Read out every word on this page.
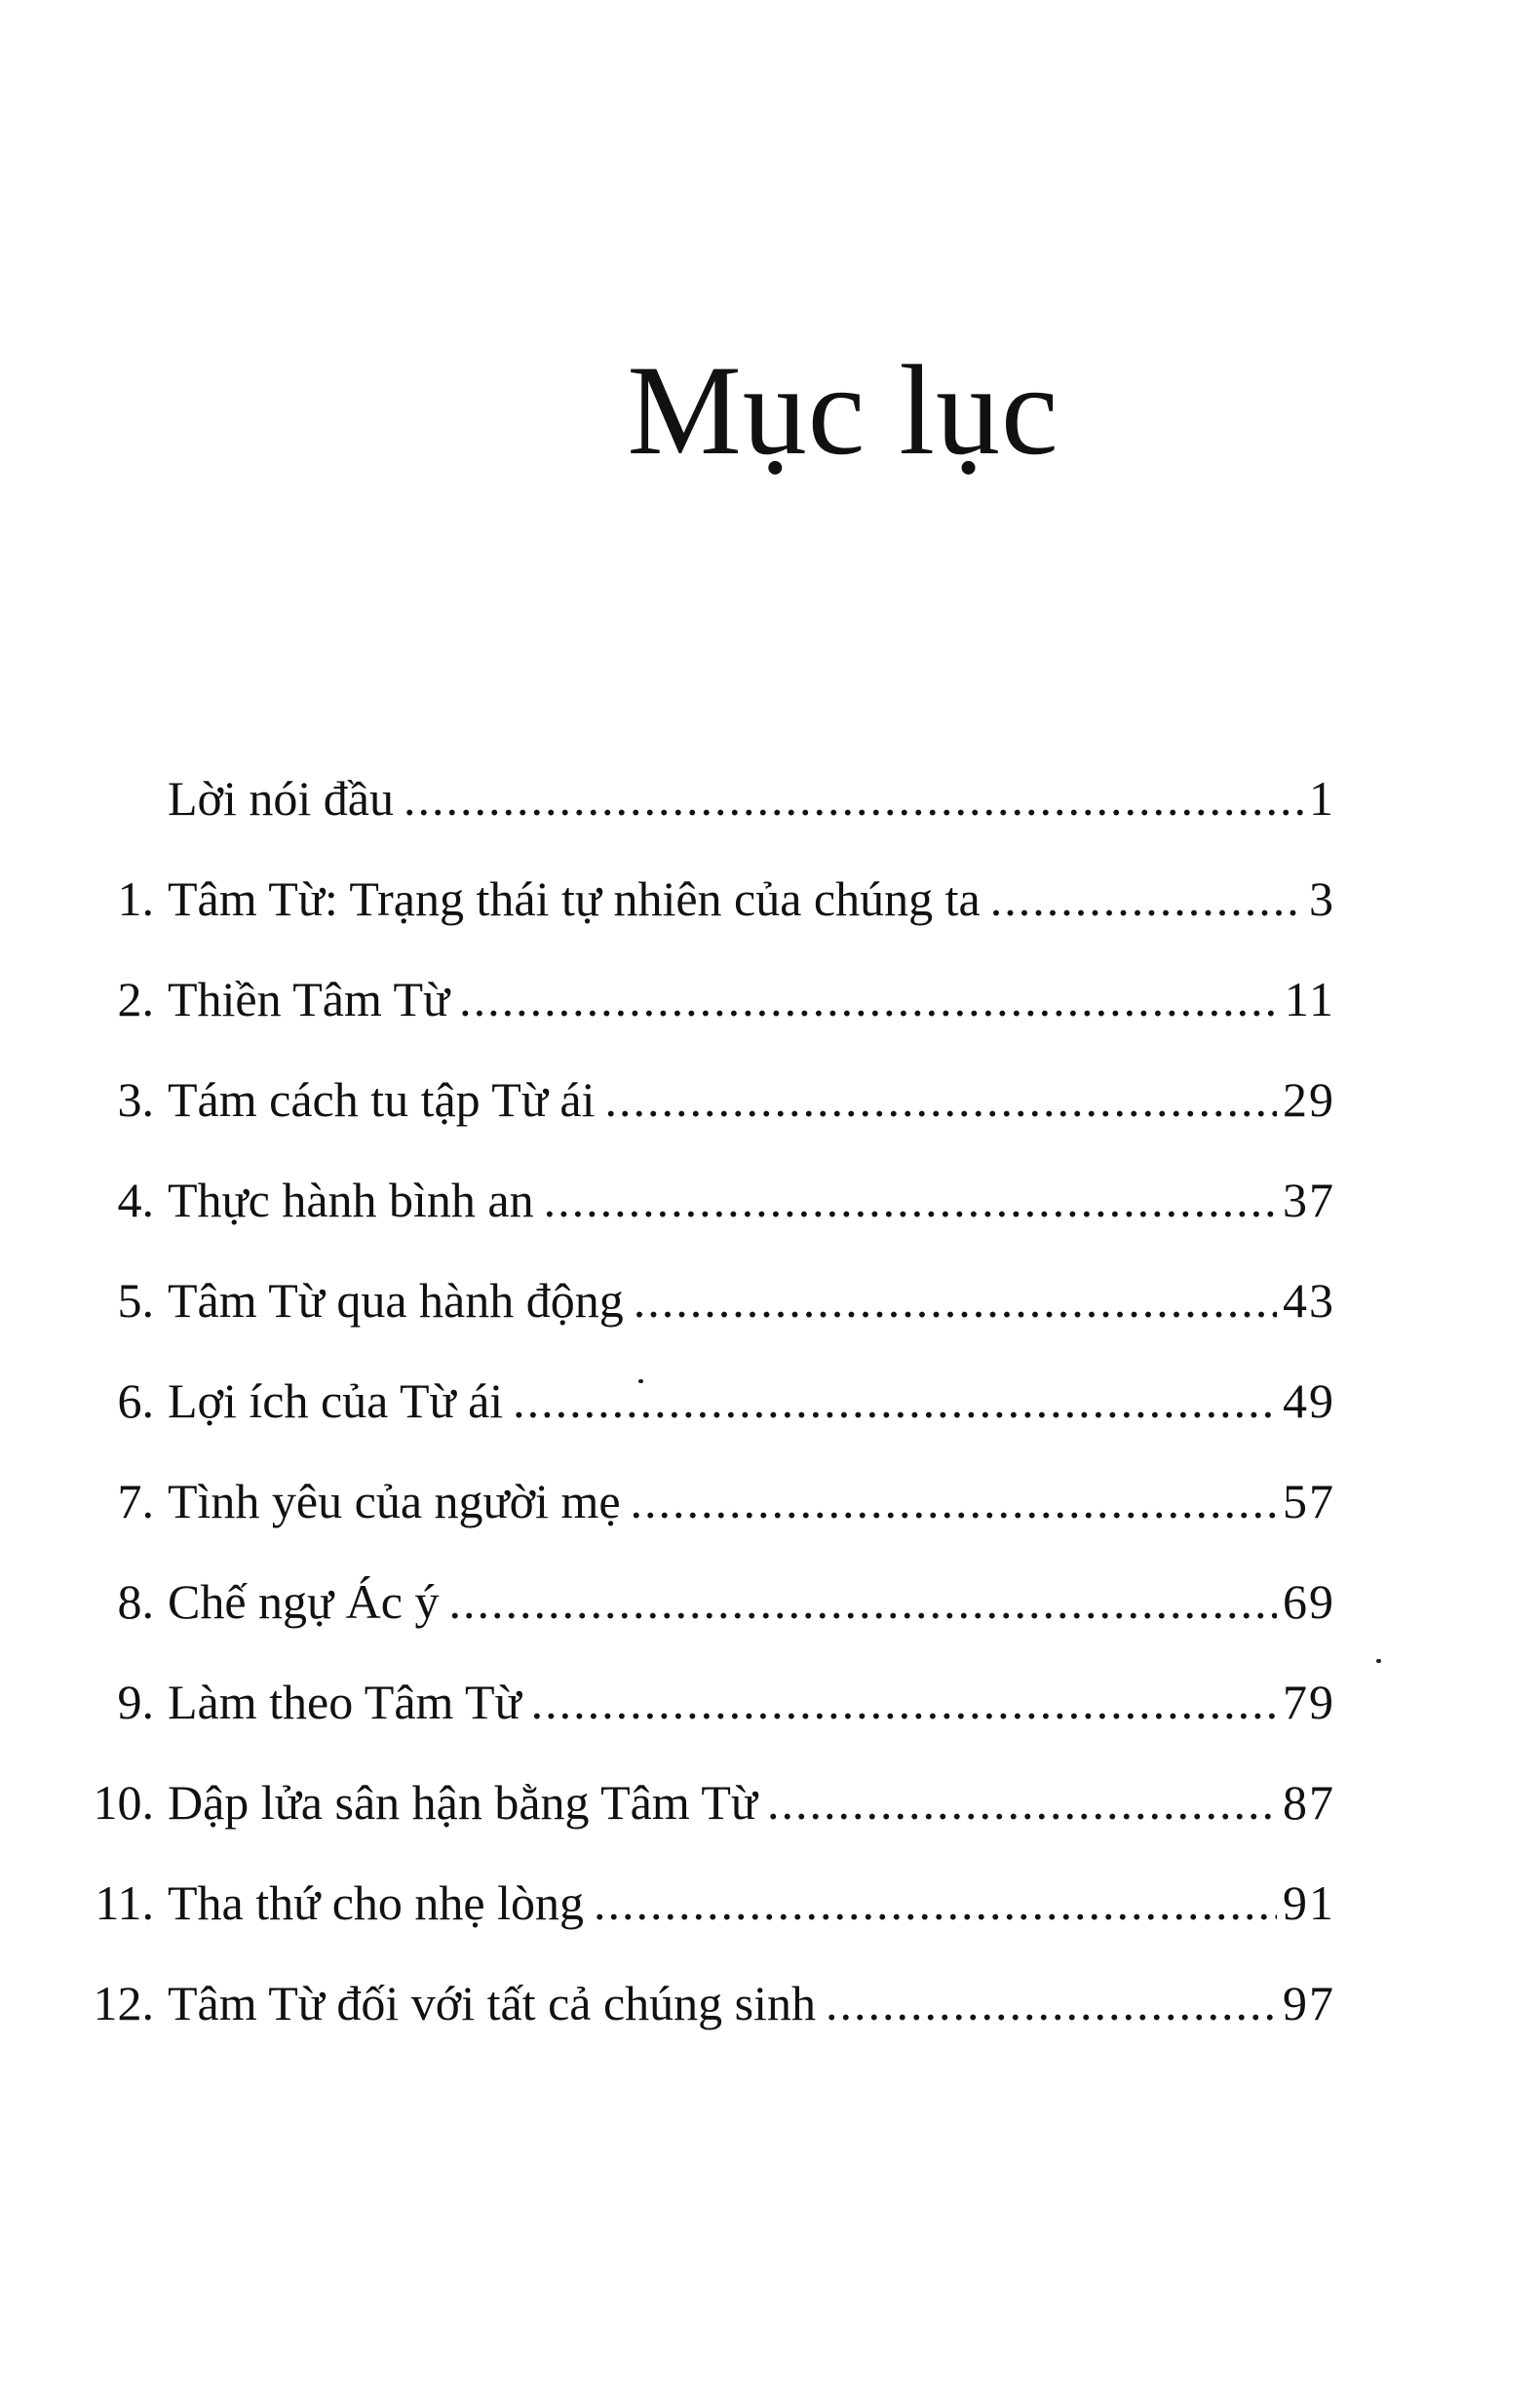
Mục lục
Lời nói đầu .....	1
1. Tâm Từ: Trạng thái tự nhiên của chúng ta .....	3
2. Thiền Tâm Từ .....	11
3. Tám cách tu tập Từ ái .....	29
4. Thực hành bình an .....	37
5. Tâm Từ qua hành động .....	43
6. Lợi ích của Từ ái .....	49
7. Tình yêu của người mẹ .....	57
8. Chế ngự Ác ý .....	69
9. Làm theo Tâm Từ .....	79
10. Dập lửa sân hận bằng Tâm Từ .....	87
11. Tha thứ cho nhẹ lòng .....	91
12. Tâm Từ đối với tất cả chúng sinh .....	97
